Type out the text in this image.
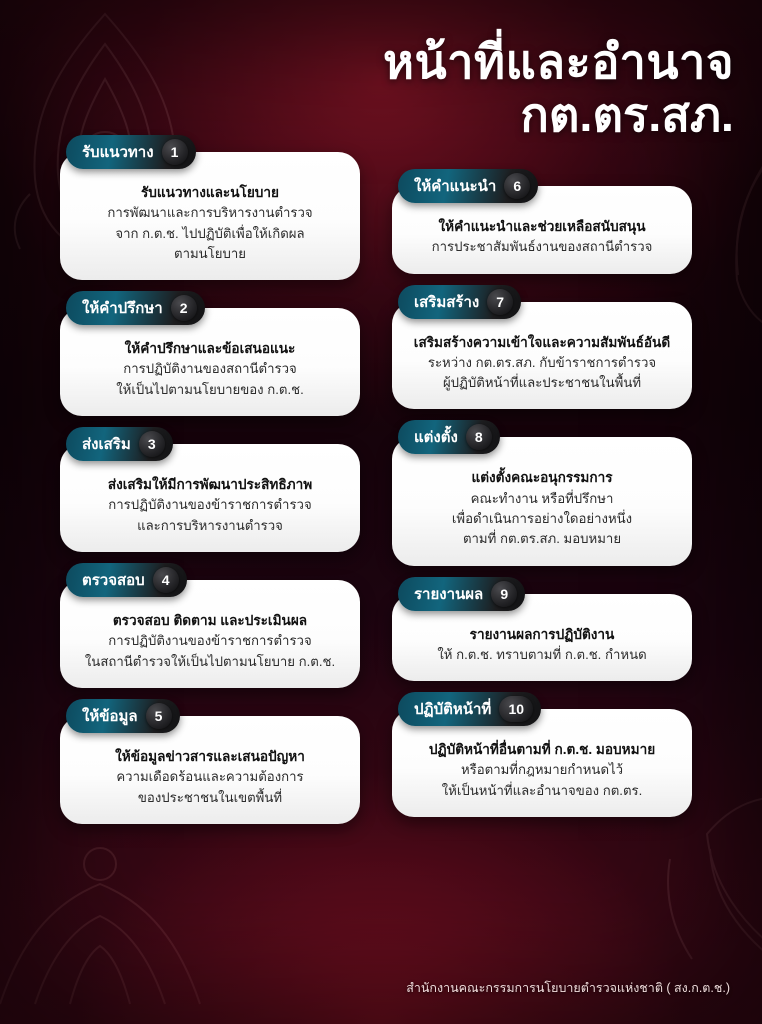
หน้าที่และอำนาจ
กต.ตร.สภ.
รับแนวทาง	1
รับแนวทางและนโยบาย
การพัฒนาและการบริหารงานตำรวจ
จาก ก.ต.ช. ไปปฏิบัติเพื่อให้เกิดผล
ตามนโยบาย
ให้คำปรึกษา	2
ให้คำปรึกษาและข้อเสนอแนะ
การปฏิบัติงานของสถานีตำรวจ
ให้เป็นไปตามนโยบายของ ก.ต.ช.
ส่งเสริม	3
ส่งเสริมให้มีการพัฒนาประสิทธิภาพ
การปฏิบัติงานของข้าราชการตำรวจ
และการบริหารงานตำรวจ
ตรวจสอบ	4
ตรวจสอบ ติดตาม และประเมินผล
การปฏิบัติงานของข้าราชการตำรวจ
ในสถานีตำรวจให้เป็นไปตามนโยบาย ก.ต.ช.
ให้ข้อมูล	5
ให้ข้อมูลข่าวสารและเสนอปัญหา
ความเดือดร้อนและความต้องการ
ของประชาชนในเขตพื้นที่
ให้คำแนะนำ	6
ให้คำแนะนำและช่วยเหลือสนับสนุน
การประชาสัมพันธ์งานของสถานีตำรวจ
เสริมสร้าง	7
เสริมสร้างความเข้าใจและความสัมพันธ์อันดี
ระหว่าง กต.ตร.สภ. กับข้าราชการตำรวจ
ผู้ปฏิบัติหน้าที่และประชาชนในพื้นที่
แต่งตั้ง	8
แต่งตั้งคณะอนุกรรมการ
คณะทำงาน หรือที่ปรึกษา
เพื่อดำเนินการอย่างใดอย่างหนึ่ง
ตามที่ กต.ตร.สภ. มอบหมาย
รายงานผล	9
รายงานผลการปฏิบัติงาน
ให้ ก.ต.ช. ทราบตามที่ ก.ต.ช. กำหนด
ปฏิบัติหน้าที่	10
ปฏิบัติหน้าที่อื่นตามที่ ก.ต.ช. มอบหมาย
หรือตามที่กฎหมายกำหนดไว้
ให้เป็นหน้าที่และอำนาจของ กต.ตร.
สำนักงานคณะกรรมการนโยบายตำรวจแห่งชาติ ( สง.ก.ต.ช.)
